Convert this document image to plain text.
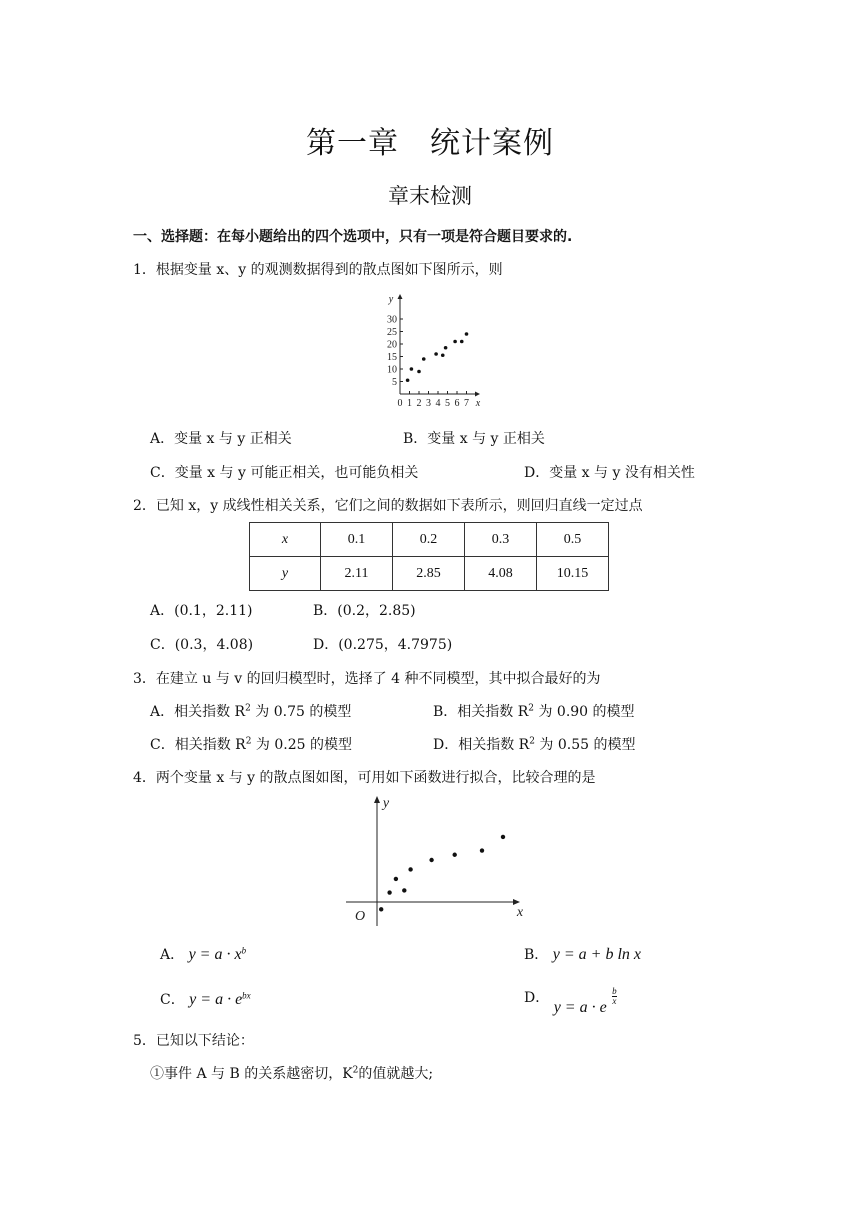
第一章　统计案例
章末检测
一、选择题：在每小题给出的四个选项中，只有一项是符合题目要求的.
1．根据变量 x、y 的观测数据得到的散点图如下图所示，则
5
10
15
20
25
30
0 1 2 3 4 5 6 7 x
y
A．变量 x 与 y 正相关	B．变量 x 与 y 正相关
C．变量 x 与 y 可能正相关，也可能负相关	D．变量 x 与 y 没有相关性
2．已知 x，y 成线性相关关系，它们之间的数据如下表所示，则回归直线一定过点
x	0.1	0.2	0.3	0.5
y	2.11	2.85	4.08	10.15
A．(0.1，2.11)	B．(0.2，2.85)
C．(0.3，4.08)	D．(0.275，4.7975)
3．在建立 u 与 v 的回归模型时，选择了 4 种不同模型，其中拟合最好的为
A．相关指数 $R^2$ 为 0.75 的模型	B．相关指数 $R^2$ 为 0.90 的模型
C．相关指数 $R^2$ 为 0.25 的模型	D．相关指数 $R^2$ 为 0.55 的模型
4．两个变量 x 与 y 的散点图如图，可用如下函数进行拟合，比较合理的是
y
x
O
A． $y = a \cdot x^b$	B． y = a + b ln x
C． $y = a \cdot e^{bx}$	D． y = a · e
$\frac{b}{x}$
5．已知以下结论：
①事件 A 与 B 的关系越密切，$K^2$的值就越大;
